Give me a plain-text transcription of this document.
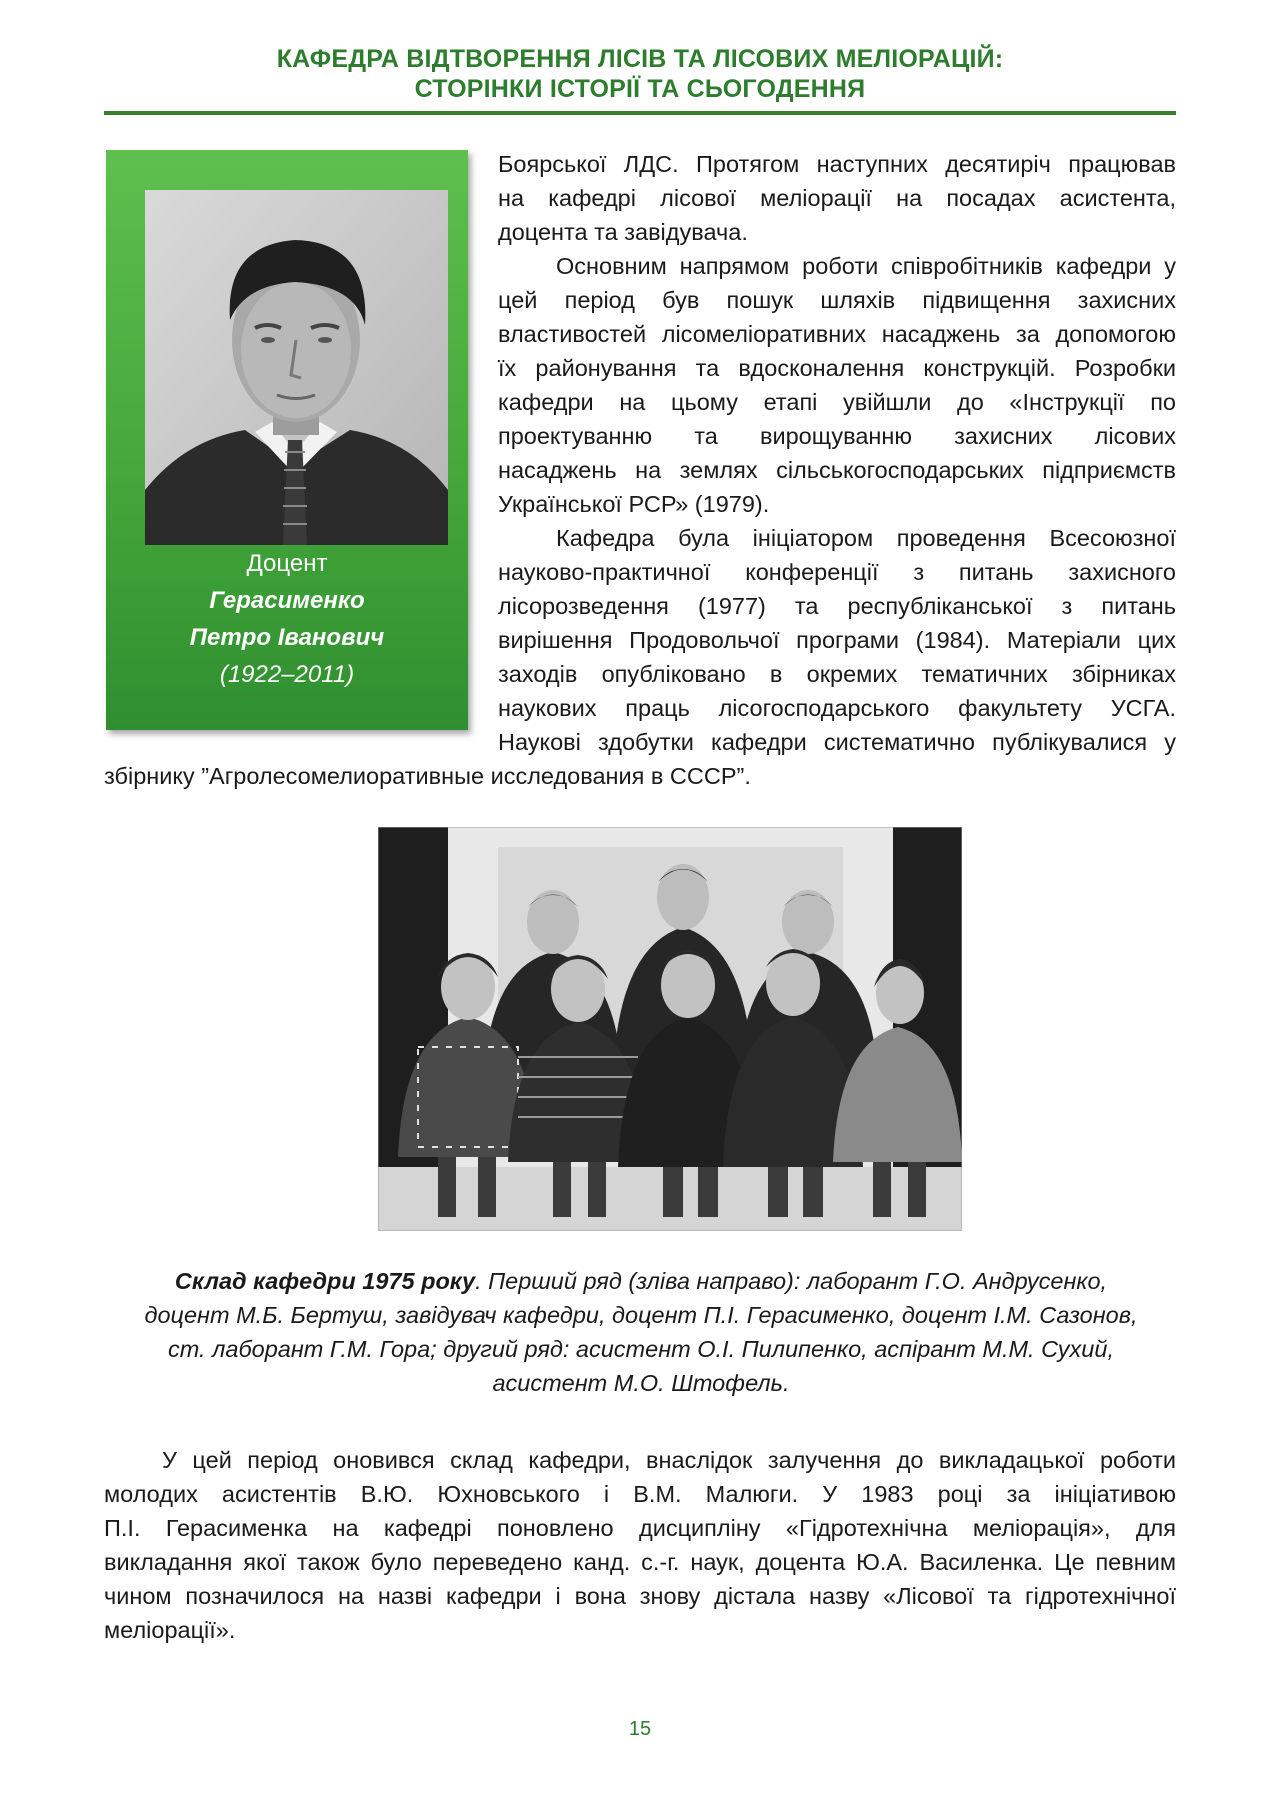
КАФЕДРА ВІДТВОРЕННЯ ЛІСІВ ТА ЛІСОВИХ МЕЛІОРАЦІЙ:
СТОРІНКИ ІСТОРІЇ ТА СЬОГОДЕННЯ
Доцент
Герасименко
Петро Іванович
(1922–2011)
Боярської ЛДС. Протягом наступних десятиріч працював
на кафедрі лісової меліорації на посадах асистента,
доцента та завідувача.
Основним напрямом роботи співробітників кафедри у
цей період був пошук шляхів підвищення захисних
властивостей лісомеліоративних насаджень за допомогою
їх районування та вдосконалення конструкцій. Розробки
кафедри на цьому етапі увійшли до «Інструкції по
проектуванню та вирощуванню захисних лісових
насаджень на землях сільськогосподарських підприємств
Української РСР» (1979).
Кафедра була ініціатором проведення Всесоюзної
науково-практичної конференції з питань захисного
лісорозведення (1977) та республіканської з питань
вирішення Продовольчої програми (1984). Матеріали цих
заходів опубліковано в окремих тематичних збірниках
наукових праць лісогосподарського факультету УСГА.
Наукові здобутки кафедри систематично публікувалися у
збірнику ”Агролесомелиоративные исследования в СССР”.
Склад кафедри 1975 року. Перший ряд (зліва направо): лаборант Г.О. Андрусенко,
доцент М.Б. Бертуш, завідувач кафедри, доцент П.І. Герасименко, доцент І.М. Сазонов,
ст. лаборант Г.М. Гора; другий ряд: асистент О.І. Пилипенко, аспірант М.М. Сухий,
асистент М.О. Штофель.
У цей період оновився склад кафедри, внаслідок залучення до викладацької роботи
молодих асистентів В.Ю. Юхновського і В.М. Малюги. У 1983 році за ініціативою
П.І. Герасименка на кафедрі поновлено дисципліну «Гідротехнічна меліорація», для
викладання якої також було переведено канд. с.-г. наук, доцента Ю.А. Василенка. Це певним
чином позначилося на назві кафедри і вона знову дістала назву «Лісової та гідротехнічної
меліорації».
15
